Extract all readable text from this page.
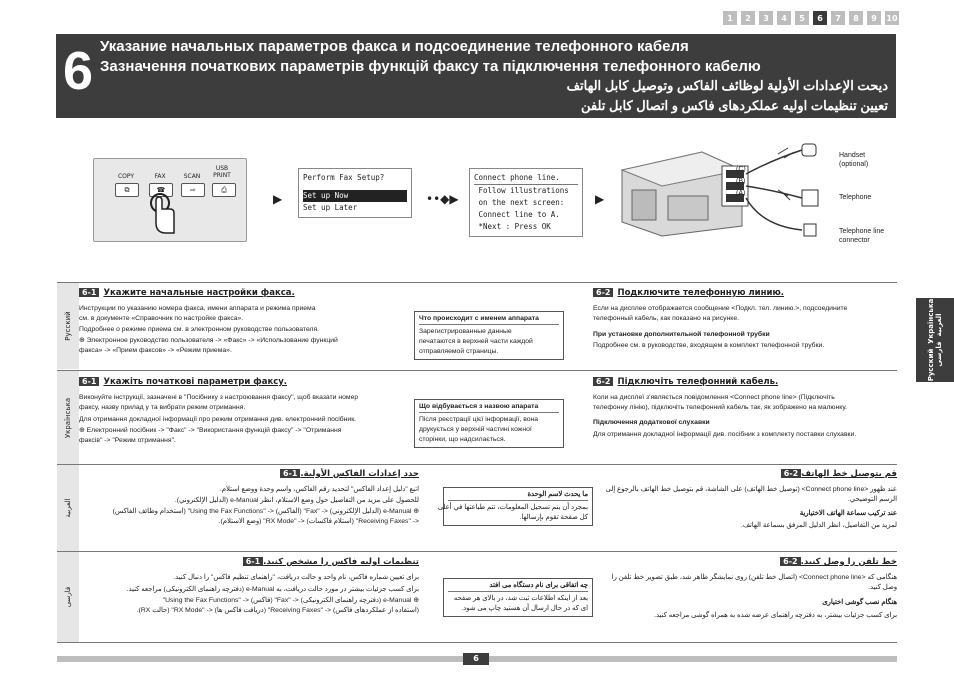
1	2	3	4	5	6	7	8	9	10
6 Указание начальных параметров факса и подсоединение телефонного кабеля
Зазначення початкових параметрів функцій факсу та підключення телефонного кабелю
ديحت الإعدادات الأولية لوظائف الفاكس وتوصيل كابل الهاتف
تعیین تنظیمات اولیه عملکردهای فاکس و اتصال کابل تلفن
COPY	FAX	SCAN
USB
PRINT
⧉	☎	⇨	⎙
▶
Perform Fax Setup?
Set up Now
Set up Later
••◆▶
Connect phone line.
Follow illustrations
on the next screen:
Connect line to A.
*Next : Press OK
▶
(C)
(B)
(A)
Handset
(optional)
Telephone
Telephone line
connector
Русский
6-1 Укажите начальные настройки факса.
Инструкции по указанию номера факса, имени аппарата и режима приема
см. в документе «Справочник по настройке факса».
Подробнее о режиме приема см. в электронном руководстве пользователя.
⊕ Электронное руководство пользователя -> «Факс» -> «Использование функций
факса» -> «Прием факсов» -> «Режим приема».
Что происходит с именем аппарата
Зарегистрированные данные
печатаются в верхней части каждой
отправляемой страницы.
6-2 Подключите телефонную линию.
Если на дисплее отображается сообщение <Подкл. тел. линию.>, подсоедините
телефонный кабель, как показано на рисунке.
При установке дополнительной телефонной трубки
Подробнее см. в руководстве, входящем в комплект телефонной трубки.
Українська
6-1 Укажіть початкові параметри факсу.
Виконуйте інструкції, зазначені в "Посібнику з настроювання факсу", щоб вказати номер
факсу, назву прилад у та вибрати режим отримання.
Для отримання докладної інформації про режим отримання див. електронний посібник.
⊕ Електронний посібник -> "Факс" -> "Використання функцій факсу" -> "Отримання
факсів" -> "Режим отримання".
Що відбувається з назвою апарата
Після реєстрації цієї інформації, вона
друкується у верхній частині кожної
сторінки, що надсилається.
6-2 Підключіть телефонний кабель.
Коли на дисплеї з'являється повідомлення <Connect phone line> (Підключіть
телефонну лінію), підключіть телефонний кабель так, як зображено на малюнку.
Підключення додаткової слухавки
Для отримання докладної інформації див. посібник з комплекту поставки слухавки.
العربية
حدد إعدادات الفاكس الأولية.6-1
اتبع "دليل إعداد الفاكس" لتحديد رقم الفاكس، واسم وحدة ووضع استلام.
للحصول على مزيد من التفاصيل حول وضع الاستلام، انظر e-Manual (الدليل الإلكتروني).
⊕ e-Manual (الدليل الإلكتروني) <- "Fax" (الفاكس) <- "Using the Fax Functions" (استخدام وظائف الفاكس)
<- "Receiving Faxes" (استلام فاكسات) <- "RX Mode" (وضع الاستلام).
ما يحدث لاسم الوحدة
بمجرد أن يتم تسجيل المعلومات، تتم طباعتها في أعلى
كل صفحة تقوم بإرسالها.
قم بتوصيل خط الهاتف6-2
عند ظهور <Connect phone line> (توصيل خط الهاتف) على الشاشة، قم بتوصيل خط الهاتف بالرجوع إلى
الرسم التوضيحي.
عند تركيب سماعة الهاتف الاختيارية
لمزيد من التفاصيل، انظر الدليل المرفق بسماعة الهاتف.
فارسی
تنظیمات اولیه فاکس را مشخص کنید.6-1
برای تعیین شماره فاکس، نام واحد و حالت دریافت، "راهنمای تنظیم فاکس" را دنبال کنید.
برای کسب جزئیات بیشتر در مورد حالت دریافت، به e-Manual (دفترچه راهنمای الکترونیکی) مراجعه کنید.
⊕ e-Manual (دفترچه راهنمای الکترونیکی) <- "Fax" (فاکس) <- "Using the Fax Functions"
(استفاده از عملکردهای فاکس) <- "Receiving Faxes" (دریافت فاکس ها) <- "RX Mode" (حالت RX).
چه اتفاقی برای نام دستگاه می افتد
بعد از اینکه اطلاعات ثبت شد، در بالای هر صفحه
ای که در حال ارسال آن هستید چاپ می شود.
خط تلفن را وصل کنید.6-2
هنگامی که <Connect phone line> (اتصال خط تلفن) روی نمایشگر ظاهر شد، طبق تصویر خط تلفن را
وصل کنید.
هنگام نصب گوشی اختیاری
برای کسب جزئیات بیشتر، به دفترچه راهنمای عرضه شده به همراه گوشی مراجعه کنید.
Русский  Українська
العربية  فارسی
6
